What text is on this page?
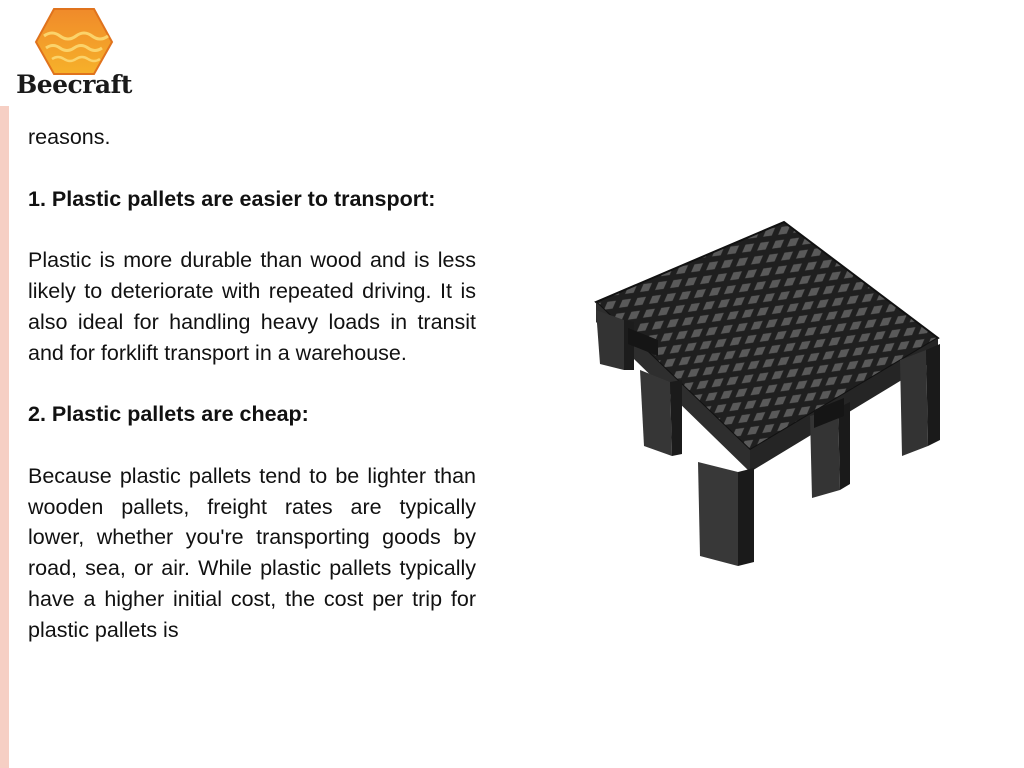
Beecraft

reasons.

1. Plastic pallets are easier to transport:

Plastic is more durable than wood and is less likely to deteriorate with repeated driving. It is also ideal for handling heavy loads in transit and for forklift transport in a warehouse.

2. Plastic pallets are cheap:

Because plastic pallets tend to be lighter than wooden pallets, freight rates are typically lower, whether you're transporting goods by road, sea, or air. While plastic pallets typically have a higher initial cost, the cost per trip for plastic pallets is
